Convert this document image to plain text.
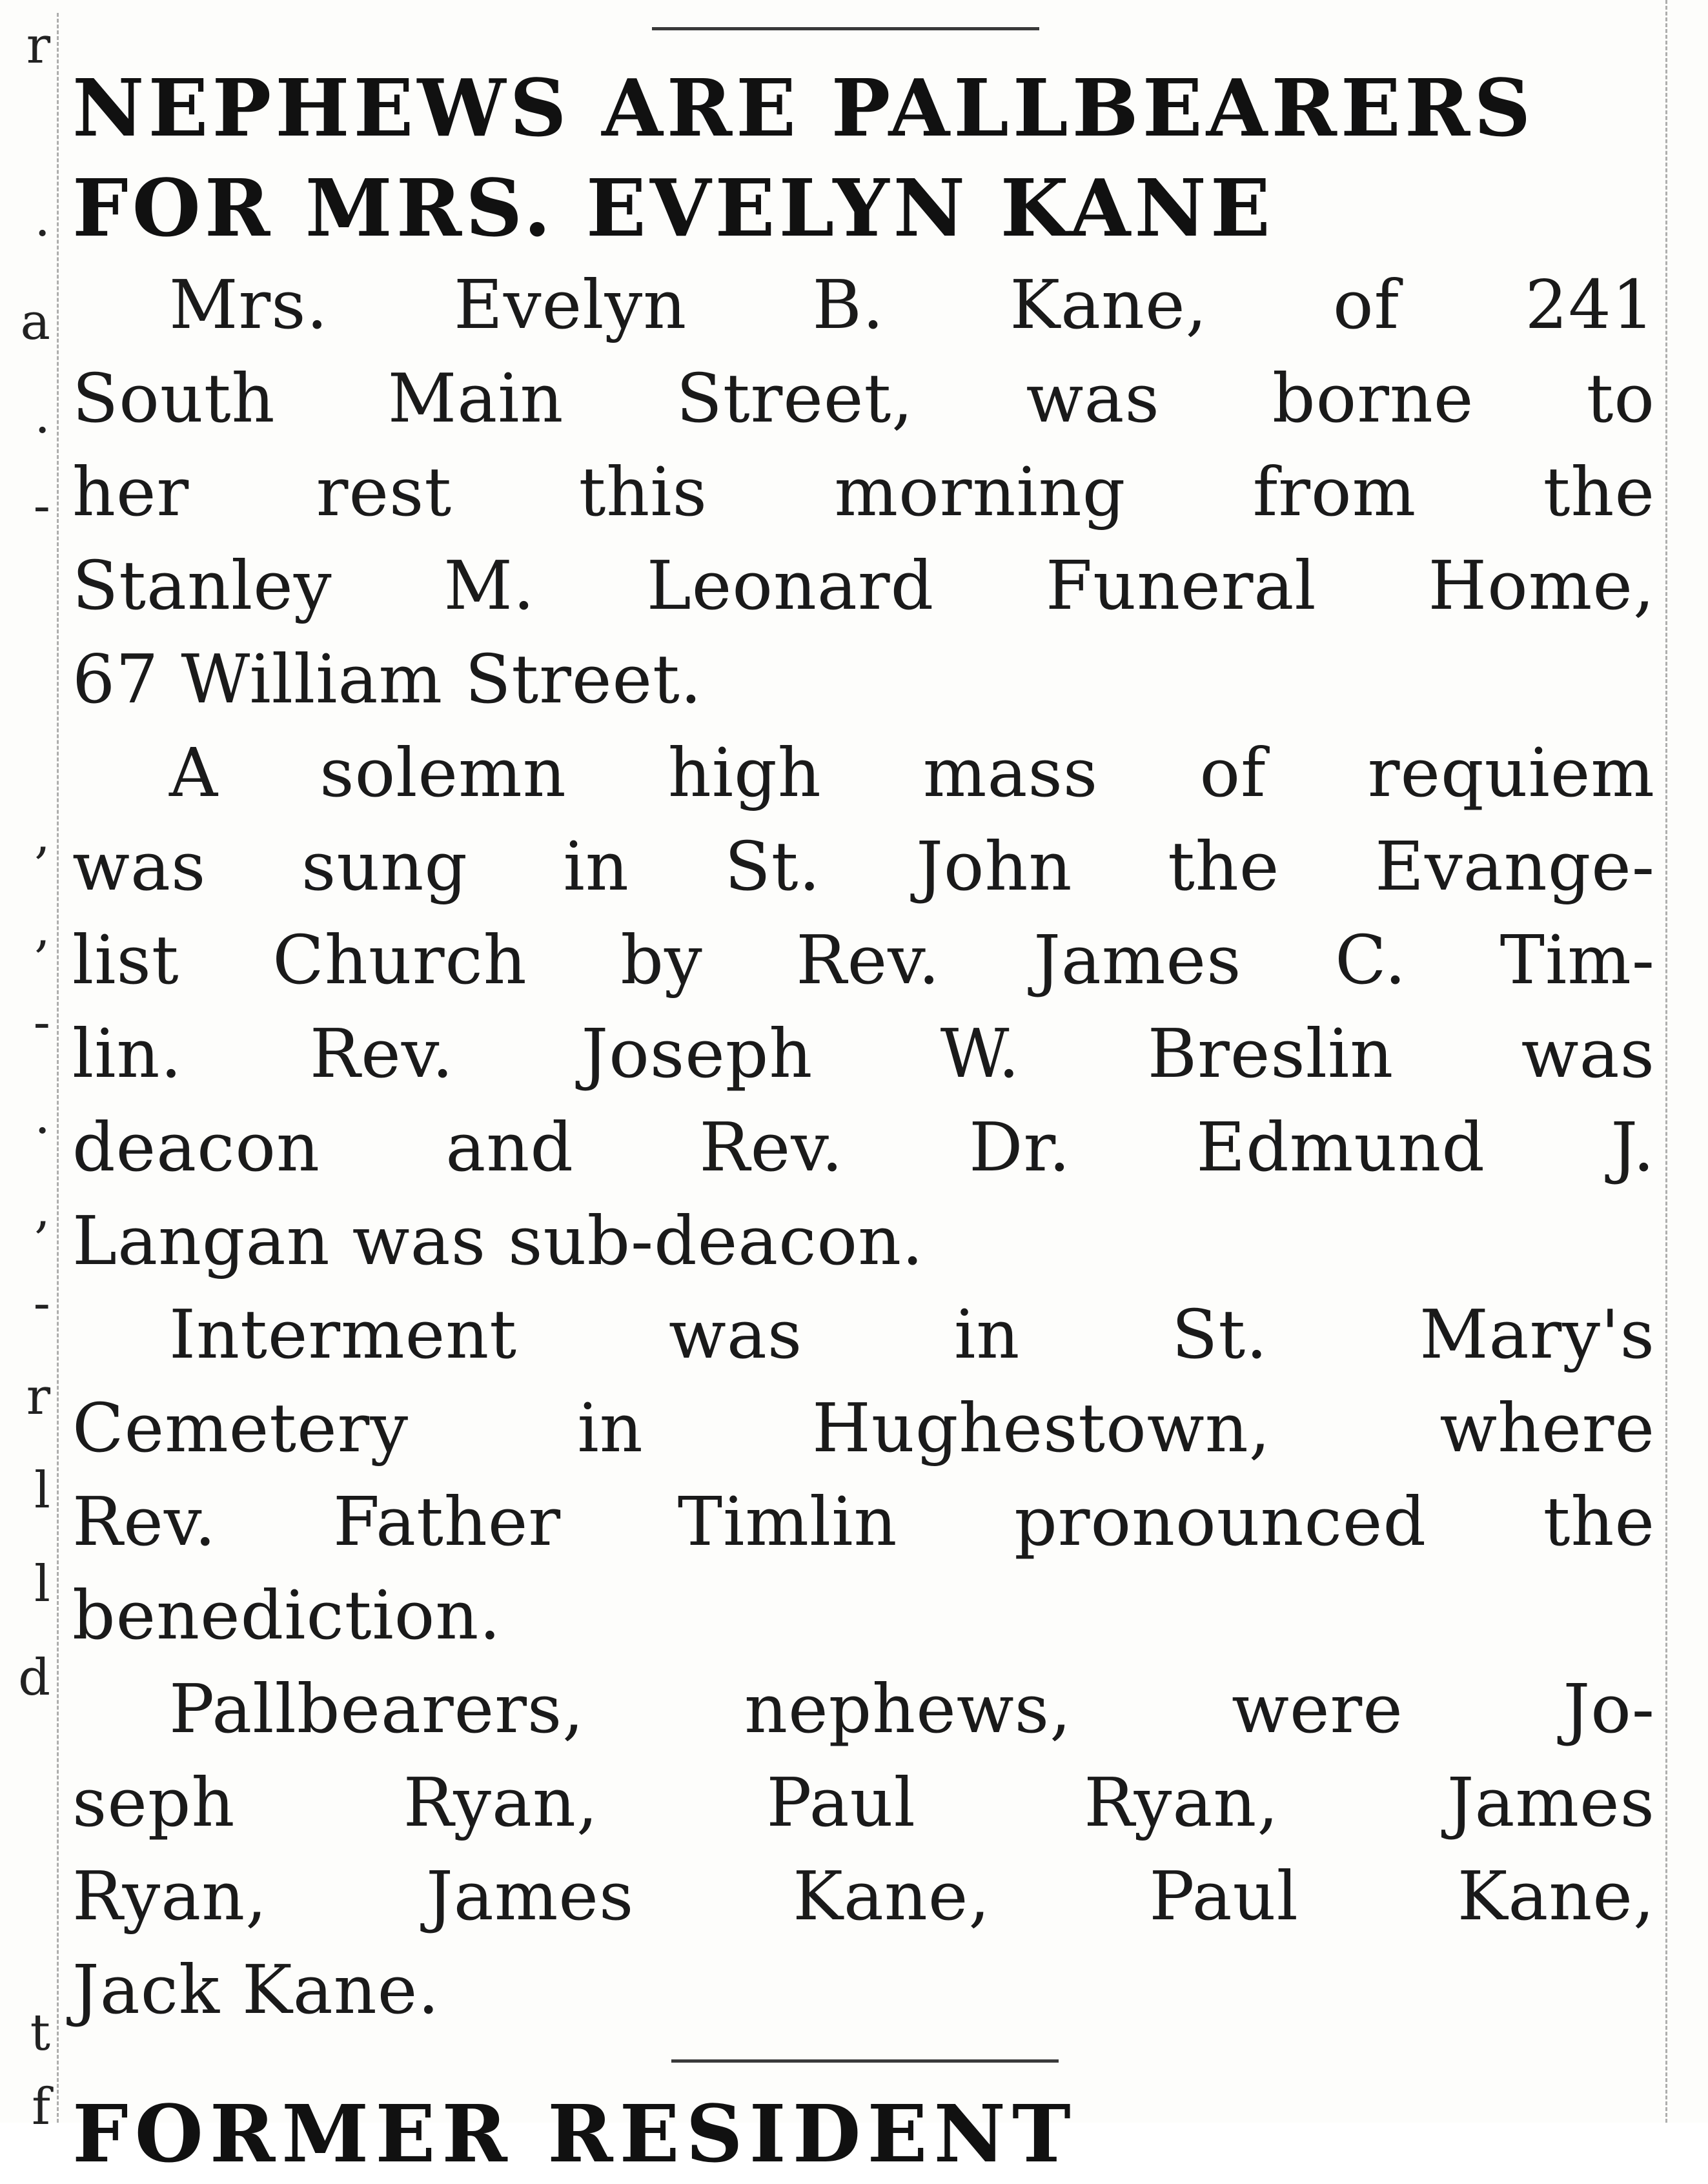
r
.
a
.
-
,
,
-
.
,
-
r
l
l
d
t
f
NEPHEWS ARE PALLBEARERS
FOR MRS. EVELYN KANE

Mrs. Evelyn B. Kane, of 241
South Main Street, was borne to
her rest this morning from the
Stanley M. Leonard Funeral Home,
67 William Street.

A solemn high mass of requiem
was sung in St. John the Evange-
list Church by Rev. James C. Tim-
lin. Rev. Joseph W. Breslin was
deacon and Rev. Dr. Edmund J.
Langan was sub-deacon.

Interment was in St. Mary's
Cemetery in Hughestown, where
Rev. Father Timlin pronounced the
benediction.

Pallbearers, nephews, were Jo-
seph Ryan, Paul Ryan, James
Ryan, James Kane, Paul Kane,
Jack Kane.

FORMER RESIDENT
